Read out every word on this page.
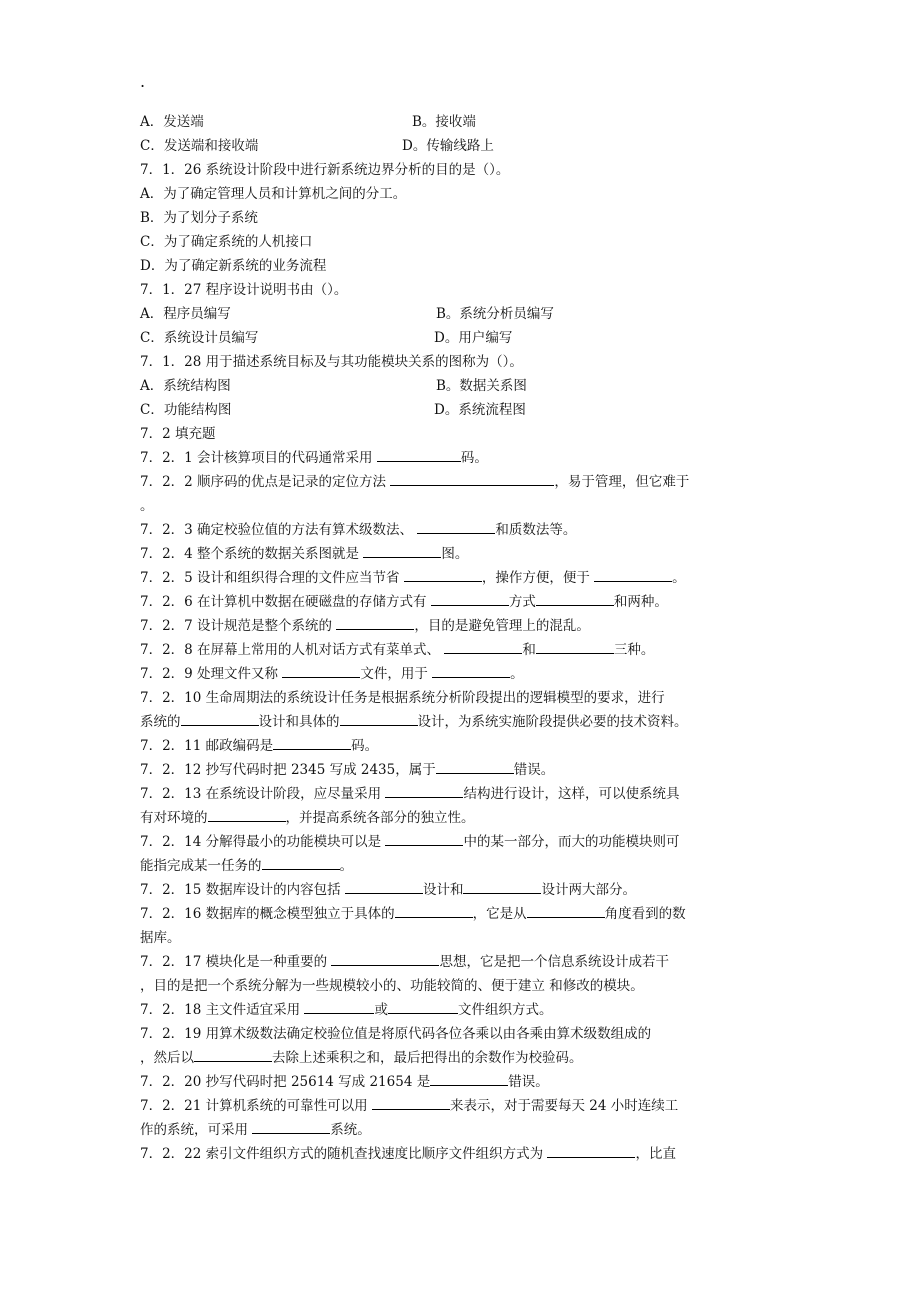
.
A．发送端	B。接收端
C．发送端和接收端	D。传输线路上
7．1．26 系统设计阶段中进行新系统边界分析的目的是（）。
A．为了确定管理人员和计算机之间的分工。
B．为了划分子系统
C．为了确定系统的人机接口
D．为了确定新系统的业务流程
7．1．27 程序设计说明书由（）。
A．程序员编写	B。系统分析员编写
C．系统设计员编写	D。用户编写
7．1．28 用于描述系统目标及与其功能模块关系的图称为（）。
A．系统结构图	B。数据关系图
C．功能结构图	D。系统流程图
7．2 填充题
7．2．1 会计核算项目的代码通常采用	码。
7．2．2 顺序码的优点是记录的定位方法	，易于管理，但它难于
。
7．2．3 确定校验位值的方法有算术级数法、	和质数法等。
7．2．4 整个系统的数据关系图就是	图。
7．2．5 设计和组织得合理的文件应当节省	，操作方便，便于	。
7．2．6 在计算机中数据在硬磁盘的存储方式有	方式	和两种。
7．2．7 设计规范是整个系统的	，目的是避免管理上的混乱。
7．2．8 在屏幕上常用的人机对话方式有菜单式、	和	三种。
7．2．9 处理文件又称	文件，用于	。
7．2．10 生命周期法的系统设计任务是根据系统分析阶段提出的逻辑模型的要求，进行
系统的	设计和具体的	设计，为系统实施阶段提供必要的技术资料。
7．2．11 邮政编码是	码。
7．2．12 抄写代码时把 2345 写成 2435，属于	错误。
7．2．13 在系统设计阶段，应尽量采用	结构进行设计，这样，可以使系统具
有对环境的	，并提高系统各部分的独立性。
7．2．14 分解得最小的功能模块可以是	中的某一部分，而大的功能模块则可
能指完成某一任务的	。
7．2．15 数据库设计的内容包括	设计和	设计两大部分。
7．2．16 数据库的概念模型独立于具体的	，它是从	角度看到的数
据库。
7．2．17 模块化是一种重要的	思想，它是把一个信息系统设计成若干
，目的是把一个系统分解为一些规模较小的、功能较简的、便于建立 和修改的模块。
7．2．18 主文件适宜采用	或	文件组织方式。
7．2．19 用算术级数法确定校验位值是将原代码各位各乘以由各乘由算术级数组成的
，然后以	去除上述乘积之和，最后把得出的余数作为校验码。
7．2．20 抄写代码时把 25614 写成 21654 是	错误。
7．2．21 计算机系统的可靠性可以用	来表示，对于需要每天 24 小时连续工
作的系统，可采用	系统。
7．2．22 索引文件组织方式的随机查找速度比顺序文件组织方式为	，比直
